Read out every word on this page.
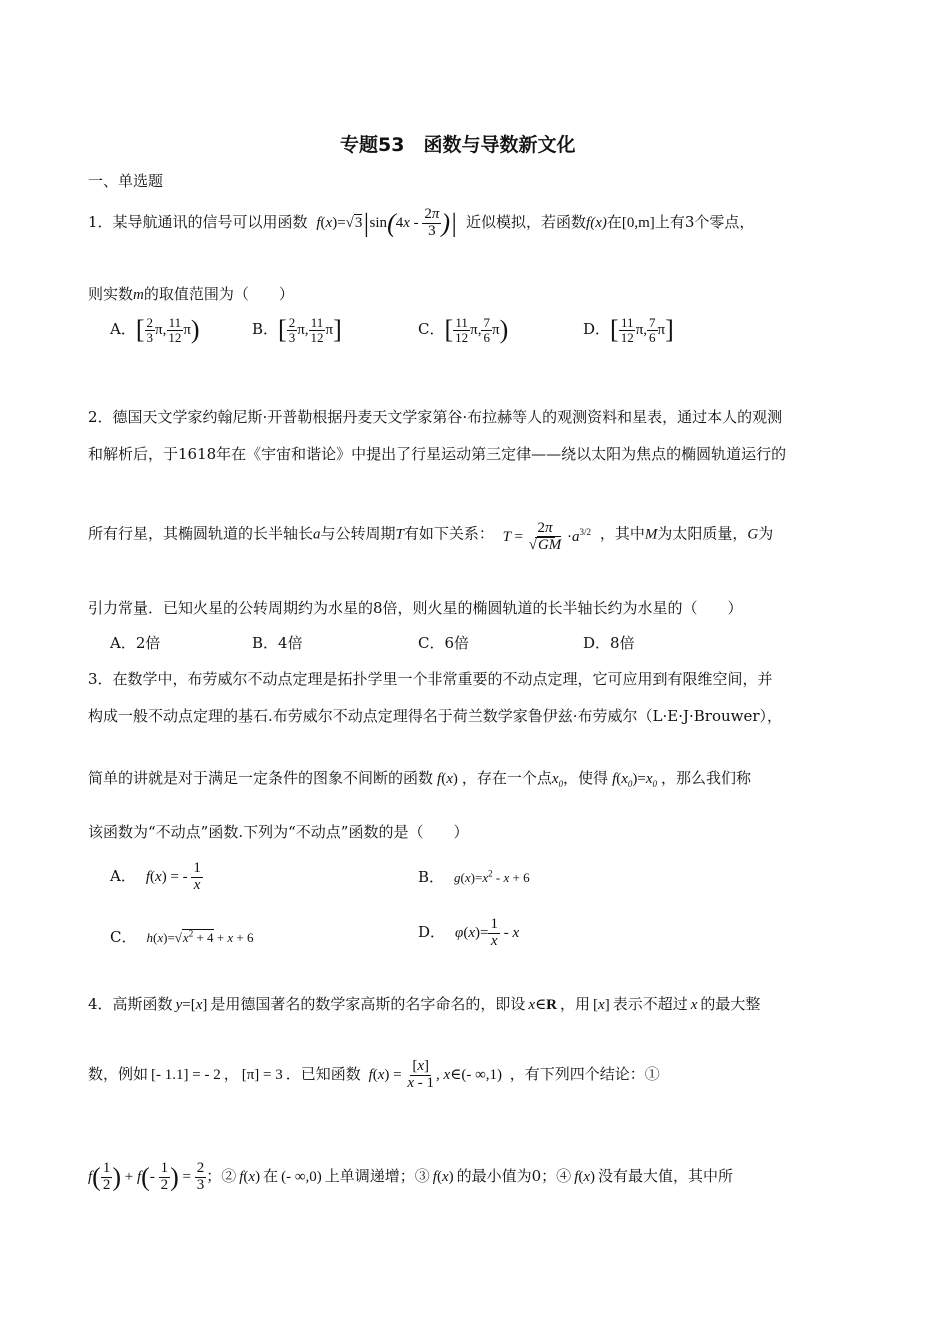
专题53　函数与导数新文化
一、单选题
1．某导航通讯的信号可以用函数 $f(x)=√3|\sin(4x - \frac{2\pi}{3}$ )| 近似模拟，若函数f(x)在[0,m]上有3个零点，
则实数m的取值范围为（　　）
A．[ $\frac{2}{3} \pi$, $\frac{11}{12} \pi$)	B．[ $\frac{2}{3} \pi$, $\frac{11}{12} \pi$]	C．[ $\frac{11}{12} \pi$, $\frac{7}{6} \pi$)	D．[ $\frac{11}{12} \pi$, $\frac{7}{6} \pi$]
2．德国天文学家约翰尼斯·开普勒根据丹麦天文学家第谷·布拉赫等人的观测资料和星表，通过本人的观测
和解析后，于1618年在《宇宙和谐论》中提出了行星运动第三定律——绕以太阳为焦点的椭圆轨道运行的
所有行星，其椭圆轨道的长半轴长a与公转周期T有如下关系： $T = \frac{2\pi}{√GM} \cdot a^{3/2}$ ，其中M为太阳质量，G为
引力常量．已知火星的公转周期约为水星的8倍，则火星的椭圆轨道的长半轴长约为水星的（　　）
A．2倍	B．4倍	C．6倍	D．8倍
3．在数学中，布劳威尔不动点定理是拓扑学里一个非常重要的不动点定理，它可应用到有限维空间，并
构成一般不动点定理的基石.布劳威尔不动点定理得名于荷兰数学家鲁伊兹·布劳威尔（L·E·J·Brouwer），
简单的讲就是对于满足一定条件的图象不间断的函数 f(x) ，存在一个点$x_0$，使得 $f(x_0)=x_0$ ，那么我们称
该函数为“不动点”函数.下列为“不动点”函数的是（　　）
A． f(x) = - $\frac{1}{x}$	B． $g(x)=x^2 - x + 6$
C． $h(x)=√x^2 + 4 + x + 6$	D． $\varphi(x)= \frac{1}{x} - x$
4．高斯函数 y=[x] 是用德国著名的数学家高斯的名字命名的，即设 x∈R ，用 [x] 表示不超过 x 的最大整
数，例如 [- 1.1] = - 2 ， [π] = 3 ．已知函数 $f(x) = \frac{[x]}{x - 1}$ , x∈(- ∞,1) ，有下列四个结论：①
$f( \frac{1}{2}$ ) + $f(- \frac{1}{2}$ ) = $\frac{2}{3}$ ；② f(x) 在 (- ∞,0) 上单调递增；③ f(x) 的最小值为0；④ f(x) 没有最大值，其中所
